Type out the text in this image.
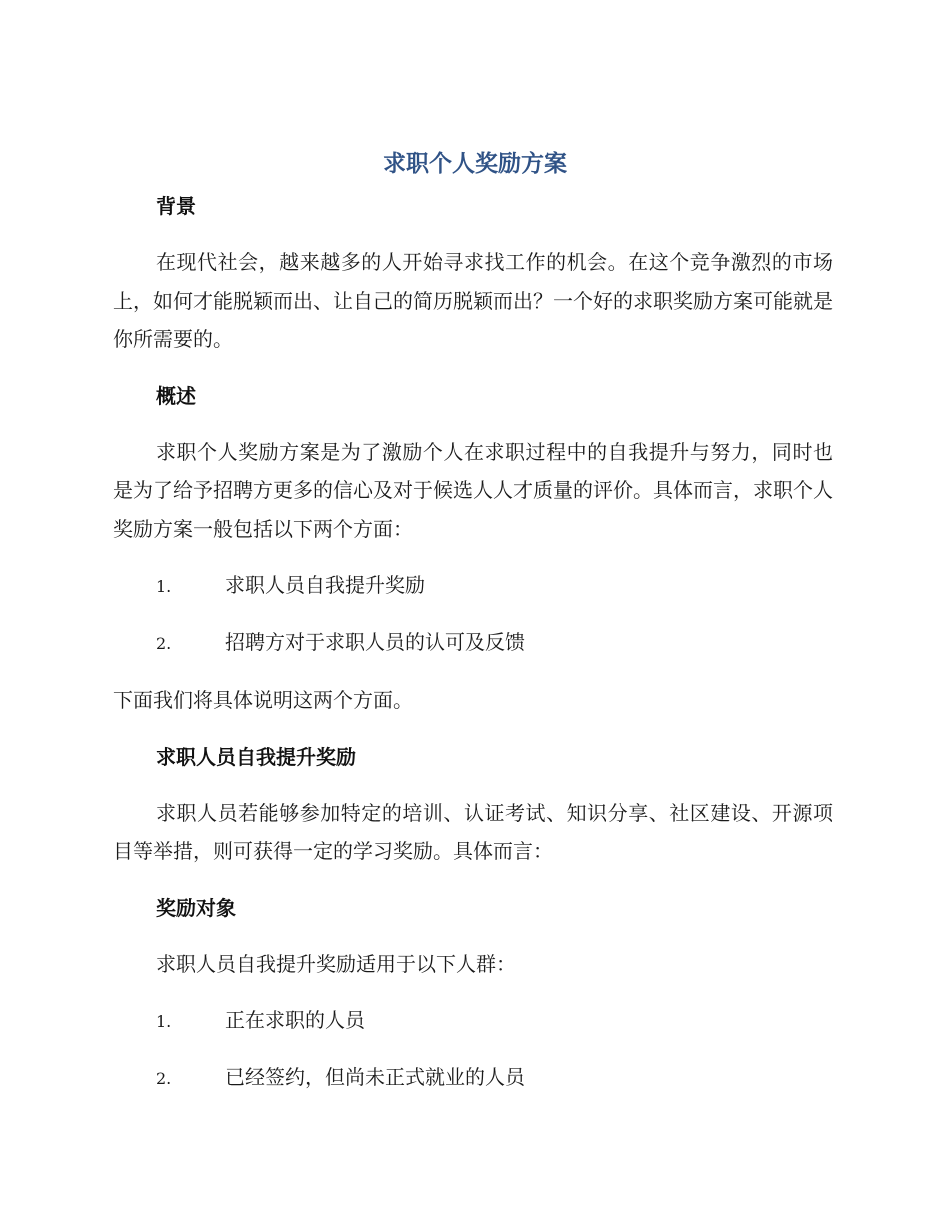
求职个人奖励方案
背景

在现代社会，越来越多的人开始寻求找工作的机会。在这个竞争激烈的市场上，如何才能脱颖而出、让自己的简历脱颖而出？一个好的求职奖励方案可能就是你所需要的。

概述

求职个人奖励方案是为了激励个人在求职过程中的自我提升与努力，同时也是为了给予招聘方更多的信心及对于候选人人才质量的评价。具体而言，求职个人奖励方案一般包括以下两个方面：

1.	求职人员自我提升奖励
2.	招聘方对于求职人员的认可及反馈

下面我们将具体说明这两个方面。

求职人员自我提升奖励

求职人员若能够参加特定的培训、认证考试、知识分享、社区建设、开源项目等举措，则可获得一定的学习奖励。具体而言：

奖励对象

求职人员自我提升奖励适用于以下人群：

1.	正在求职的人员
2.	已经签约，但尚未正式就业的人员
